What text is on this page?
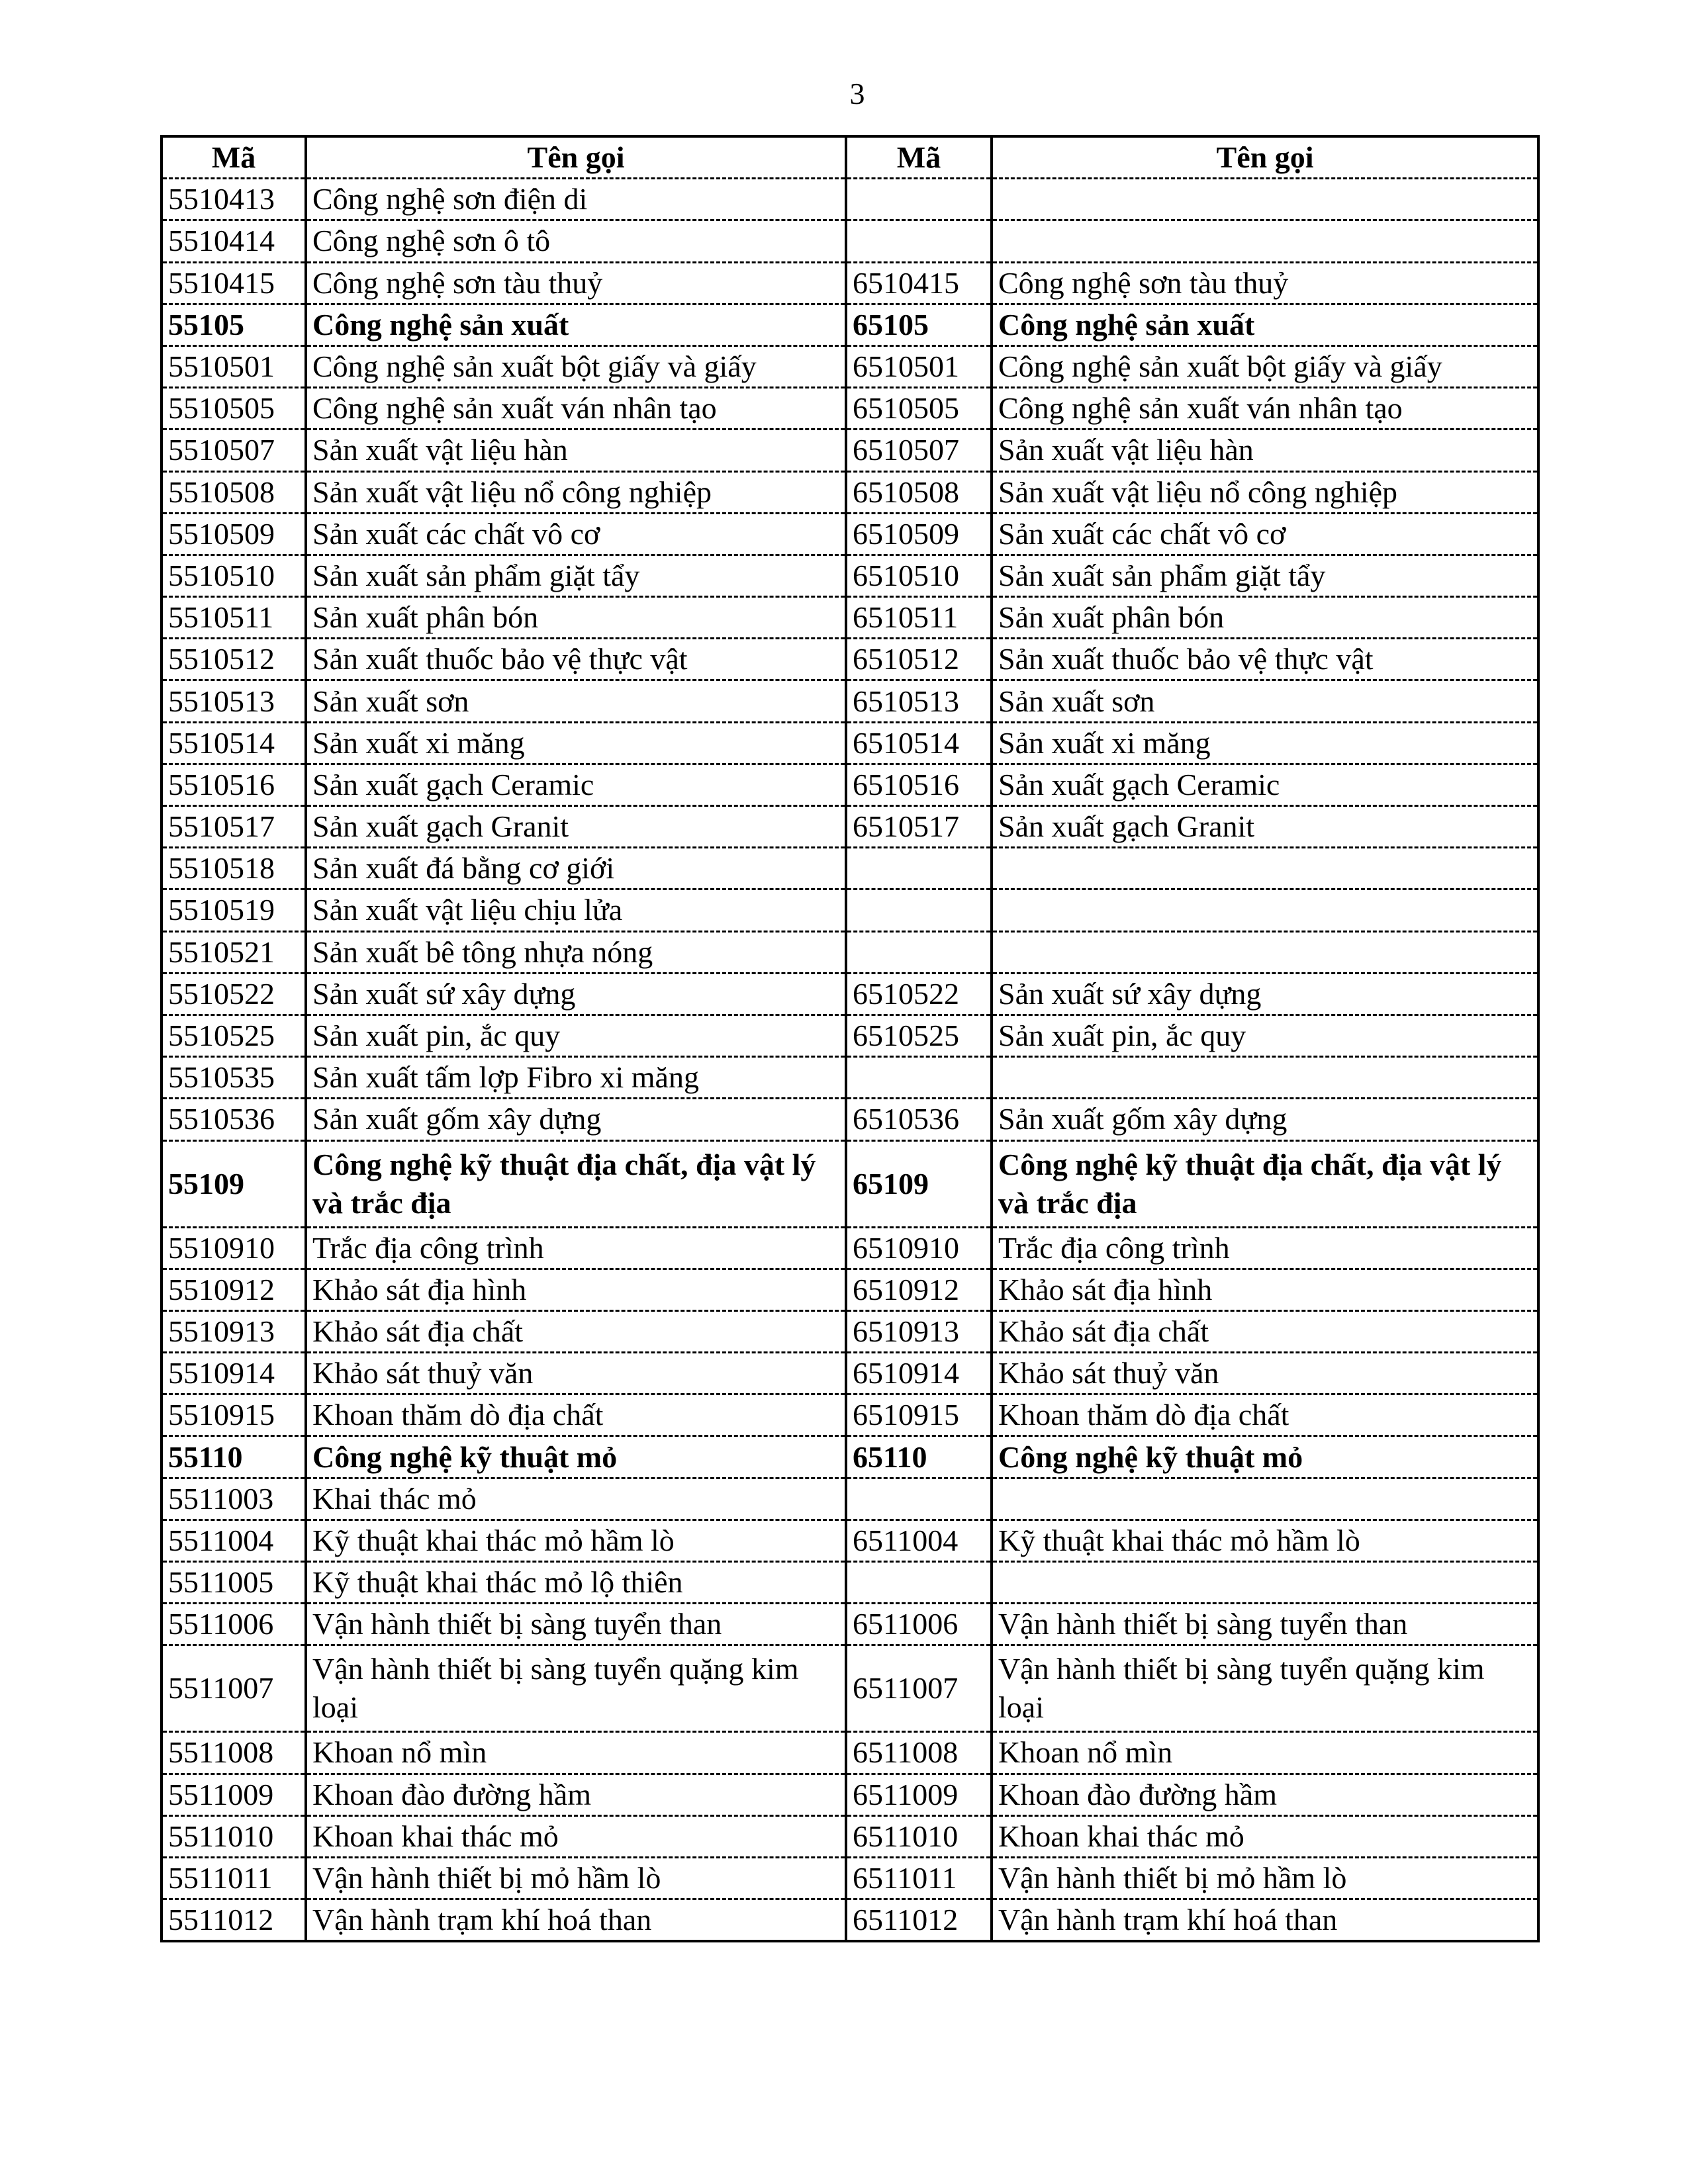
3
Mã	Tên gọi	Mã	Tên gọi
5510413	Công nghệ sơn điện di		
5510414	Công nghệ sơn ô tô		
5510415	Công nghệ sơn tàu thuỷ	6510415	Công nghệ sơn tàu thuỷ
55105	Công nghệ sản xuất	65105	Công nghệ sản xuất
5510501	Công nghệ sản xuất bột giấy và giấy	6510501	Công nghệ sản xuất bột giấy và giấy
5510505	Công nghệ sản xuất ván nhân tạo	6510505	Công nghệ sản xuất ván nhân tạo
5510507	Sản xuất vật liệu hàn	6510507	Sản xuất vật liệu hàn
5510508	Sản xuất vật liệu nổ công nghiệp	6510508	Sản xuất vật liệu nổ công nghiệp
5510509	Sản xuất các chất vô cơ	6510509	Sản xuất các chất vô cơ
5510510	Sản xuất sản phẩm giặt tẩy	6510510	Sản xuất sản phẩm giặt tẩy
5510511	Sản xuất phân bón	6510511	Sản xuất phân bón
5510512	Sản xuất thuốc bảo vệ thực vật	6510512	Sản xuất thuốc bảo vệ thực vật
5510513	Sản xuất sơn	6510513	Sản xuất sơn
5510514	Sản xuất xi măng	6510514	Sản xuất xi măng
5510516	Sản xuất gạch Ceramic	6510516	Sản xuất gạch Ceramic
5510517	Sản xuất gạch Granit	6510517	Sản xuất gạch Granit
5510518	Sản xuất đá bằng cơ giới		
5510519	Sản xuất vật liệu chịu lửa		
5510521	Sản xuất bê tông nhựa nóng		
5510522	Sản xuất sứ xây dựng	6510522	Sản xuất sứ xây dựng
5510525	Sản xuất pin, ắc quy	6510525	Sản xuất pin, ắc quy
5510535	Sản xuất tấm lợp Fibro xi măng		
5510536	Sản xuất gốm xây dựng	6510536	Sản xuất gốm xây dựng
55109	Công nghệ kỹ thuật địa chất, địa vật lý và trắc địa	65109	Công nghệ kỹ thuật địa chất, địa vật lý và trắc địa
5510910	Trắc địa công trình	6510910	Trắc địa công trình
5510912	Khảo sát địa hình	6510912	Khảo sát địa hình
5510913	Khảo sát địa chất	6510913	Khảo sát địa chất
5510914	Khảo sát thuỷ văn	6510914	Khảo sát thuỷ văn
5510915	Khoan thăm dò địa chất	6510915	Khoan thăm dò địa chất
55110	Công nghệ kỹ thuật mỏ	65110	Công nghệ kỹ thuật mỏ
5511003	Khai thác mỏ		
5511004	Kỹ thuật khai thác mỏ hầm lò	6511004	Kỹ thuật khai thác mỏ hầm lò
5511005	Kỹ thuật khai thác mỏ lộ thiên		
5511006	Vận hành thiết bị sàng tuyển than	6511006	Vận hành thiết bị sàng tuyển than
5511007	Vận hành thiết bị sàng tuyển quặng kim loại	6511007	Vận hành thiết bị sàng tuyển quặng kim loại
5511008	Khoan nổ mìn	6511008	Khoan nổ mìn
5511009	Khoan đào đường hầm	6511009	Khoan đào đường hầm
5511010	Khoan khai thác mỏ	6511010	Khoan khai thác mỏ
5511011	Vận hành thiết bị mỏ hầm lò	6511011	Vận hành thiết bị mỏ hầm lò
5511012	Vận hành trạm khí hoá than	6511012	Vận hành trạm khí hoá than
